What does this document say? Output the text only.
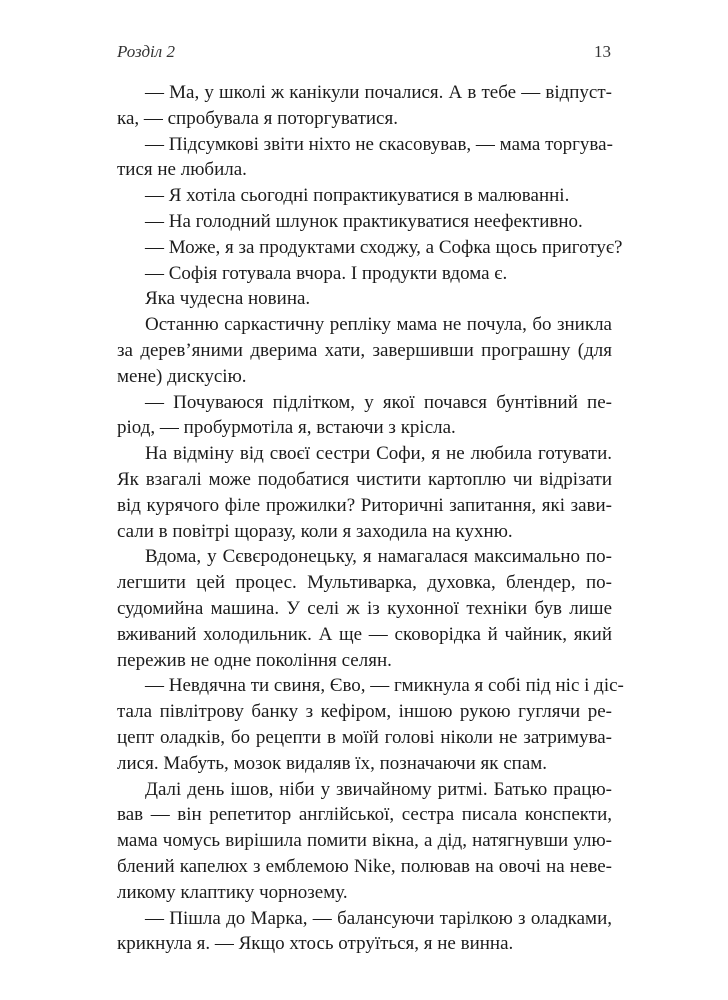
Розділ 2	13
— Ма, у школі ж канікули почалися. А в тебе — відпуст-
ка, — спробувала я поторгуватися.
— Підсумкові звіти ніхто не скасовував, — мама торгува-
тися не любила.
— Я хотіла сьогодні попрактикуватися в малюванні.
— На голодний шлунок практикуватися неефективно.
— Може, я за продуктами сходжу, а Софка щось приготує?
— Софія готувала вчора. І продукти вдома є.
Яка чудесна новина.
Останню саркастичну репліку мама не почула, бо зникла
за дерев’яними дверима хати, завершивши програшну (для
мене) дискусію.
— Почуваюся підлітком, у якої почався бунтівний пе-
ріод, — пробурмотіла я, встаючи з крісла.
На відміну від своєї сестри Софи, я не любила готувати.
Як взагалі може подобатися чистити картоплю чи відрізати
від курячого філе прожилки? Риторичні запитання, які зави-
сали в повітрі щоразу, коли я заходила на кухню.
Вдома, у Сєвєродонецьку, я намагалася максимально по-
легшити цей процес. Мультиварка, духовка, блендер, по-
судомийна машина. У селі ж із кухонної техніки був лише
вживаний холодильник. А ще — сковорідка й чайник, який
пережив не одне покоління селян.
— Невдячна ти свиня, Єво, — гмикнула я собі під ніс і діс-
тала півлітрову банку з кефіром, іншою рукою гуглячи ре-
цепт оладків, бо рецепти в моїй голові ніколи не затримува-
лися. Мабуть, мозок видаляв їх, позначаючи як спам.
Далі день ішов, ніби у звичайному ритмі. Батько працю-
вав — він репетитор англійської, сестра писала конспекти,
мама чомусь вирішила помити вікна, а дід, натягнувши улю-
блений капелюх з емблемою Nike, полював на овочі на неве-
ликому клаптику чорнозему.
— Пішла до Марка, — балансуючи тарілкою з оладками,
крикнула я. — Якщо хтось отруїться, я не винна.
